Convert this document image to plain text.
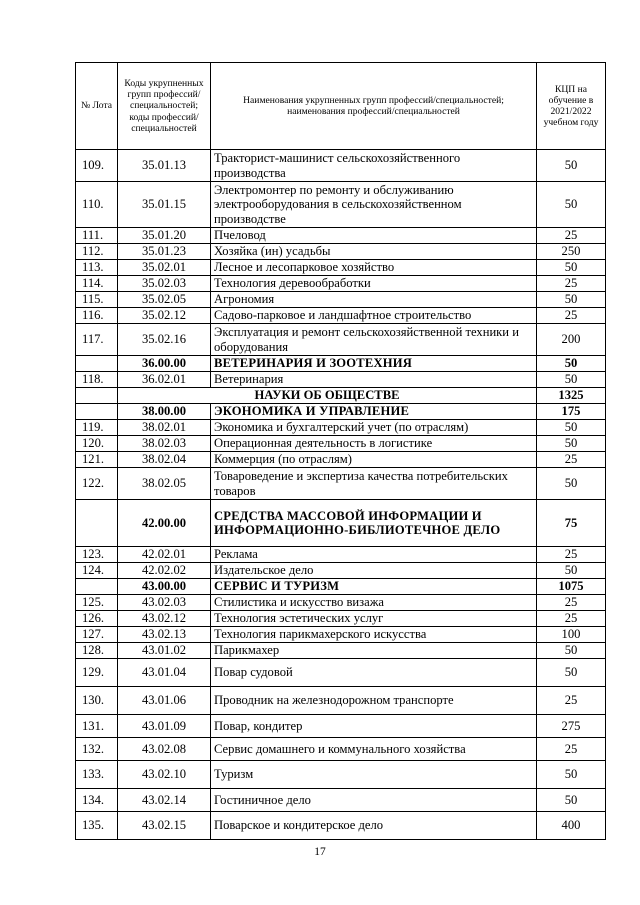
№ Лота	Коды укрупненных групп профессий/ специальностей; коды профессий/ специальностей	Наименования укрупненных групп профессий/специальностей; наименования профессий/специальностей	КЦП на обучение в 2021/2022 учебном году
109.	35.01.13	Тракторист-машинист сельскохозяйственного производства	50
110.	35.01.15	Электромонтер по ремонту и обслуживанию электрооборудования в сельскохозяйственном производстве	50
111.	35.01.20	Пчеловод	25
112.	35.01.23	Хозяйка (ин) усадьбы	250
113.	35.02.01	Лесное и лесопарковое хозяйство	50
114.	35.02.03	Технология деревообработки	25
115.	35.02.05	Агрономия	50
116.	35.02.12	Садово-парковое и ландшафтное строительство	25
117.	35.02.16	Эксплуатация и ремонт сельскохозяйственной техники и оборудования	200
	36.00.00	ВЕТЕРИНАРИЯ И ЗООТЕХНИЯ	50
118.	36.02.01	Ветеринария	50
	НАУКИ ОБ ОБЩЕСТВЕ		1325
	38.00.00	ЭКОНОМИКА И УПРАВЛЕНИЕ	175
119.	38.02.01	Экономика и бухгалтерский учет (по отраслям)	50
120.	38.02.03	Операционная деятельность в логистике	50
121.	38.02.04	Коммерция (по отраслям)	25
122.	38.02.05	Товароведение и экспертиза качества потребительских товаров	50
	42.00.00	СРЕДСТВА МАССОВОЙ ИНФОРМАЦИИ И ИНФОРМАЦИОННО-БИБЛИОТЕЧНОЕ ДЕЛО	75
123.	42.02.01	Реклама	25
124.	42.02.02	Издательское дело	50
	43.00.00	СЕРВИС И ТУРИЗМ	1075
125.	43.02.03	Стилистика и искусство визажа	25
126.	43.02.12	Технология эстетических услуг	25
127.	43.02.13	Технология парикмахерского искусства	100
128.	43.01.02	Парикмахер	50
129.	43.01.04	Повар судовой	50
130.	43.01.06	Проводник на железнодорожном транспорте	25
131.	43.01.09	Повар, кондитер	275
132.	43.02.08	Сервис домашнего и коммунального хозяйства	25
133.	43.02.10	Туризм	50
134.	43.02.14	Гостиничное дело	50
135.	43.02.15	Поварское и кондитерское дело	400
17
